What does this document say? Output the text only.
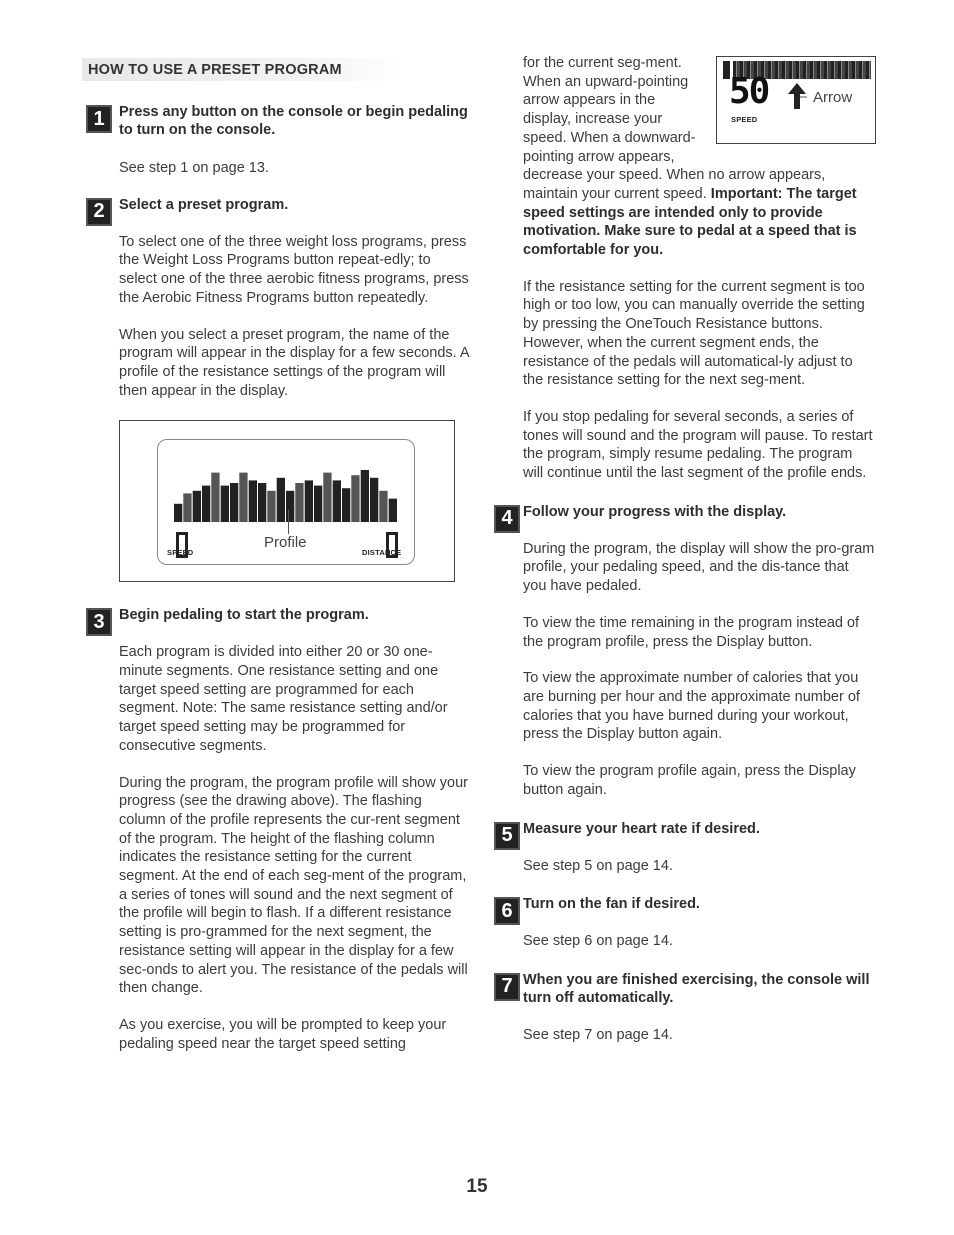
HOW TO USE A PRESET PROGRAM
1 Press any button on the console or begin pedaling to turn on the console.

See step 1 on page 13.

2 Select a preset program.

To select one of the three weight loss programs, press the Weight Loss Programs button repeat-edly; to select one of the three aerobic fitness programs, press the Aerobic Fitness Programs button repeatedly.

When you select a preset program, the name of the program will appear in the display for a few seconds. A profile of the resistance settings of the program will then appear in the display.

SPEED	DISTANCE
Profile
3 Begin pedaling to start the program.

Each program is divided into either 20 or 30 one-minute segments. One resistance setting and one target speed setting are programmed for each segment. Note: The same resistance setting and/or target speed setting may be programmed for consecutive segments.

During the program, the program profile will show your progress (see the drawing above). The flashing column of the profile represents the cur-rent segment of the program. The height of the flashing column indicates the resistance setting for the current segment. At the end of each seg-ment of the program, a series of tones will sound and the next segment of the profile will begin to flash. If a different resistance setting is pro-grammed for the next segment, the resistance setting will appear in the display for a few sec-onds to alert you. The resistance of the pedals will then change.

As you exercise, you will be prompted to keep your pedaling speed near the target speed setting

50
SPEED
Arrow

for the current seg-ment. When an upward-pointing arrow appears in the display, increase your speed. When a downward-pointing arrow appears, decrease your speed. When no arrow appears, maintain your current speed. Important: The target speed settings are intended only to provide motivation. Make sure to pedal at a speed that is comfortable for you.

If the resistance setting for the current segment is too high or too low, you can manually override the setting by pressing the OneTouch Resistance buttons. However, when the current segment ends, the resistance of the pedals will automatical-ly adjust to the resistance setting for the next seg-ment.

If you stop pedaling for several seconds, a series of tones will sound and the program will pause. To restart the program, simply resume pedaling. The program will continue until the last segment of the profile ends.

4 Follow your progress with the display.

During the program, the display will show the pro-gram profile, your pedaling speed, and the dis-tance that you have pedaled.

To view the time remaining in the program instead of the program profile, press the Display button.

To view the approximate number of calories that you are burning per hour and the approximate number of calories that you have burned during your workout, press the Display button again.

To view the program profile again, press the Display button again.

5 Measure your heart rate if desired.

See step 5 on page 14.

6 Turn on the fan if desired.

See step 6 on page 14.

7 When you are finished exercising, the console will turn off automatically.

See step 7 on page 14.

15
